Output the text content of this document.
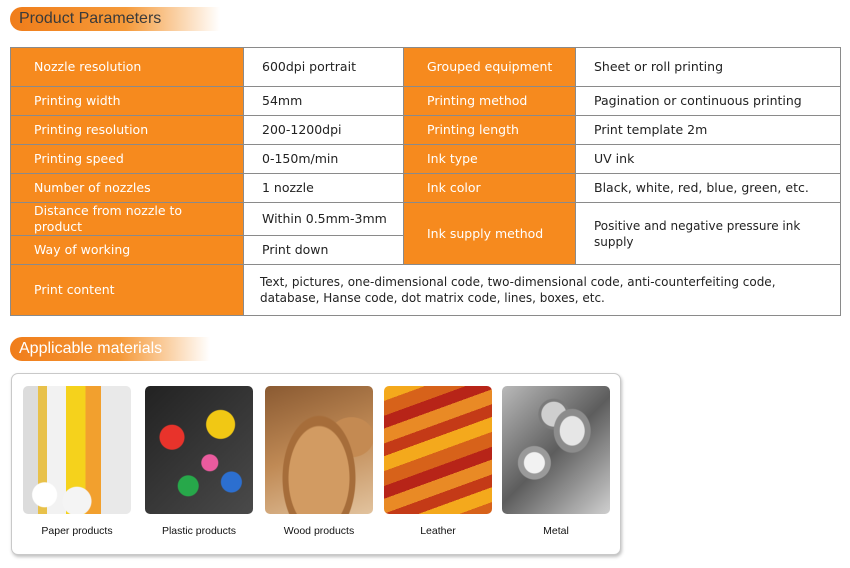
Product Parameters
Nozzle resolution	600dpi portrait	Grouped equipment	Sheet or roll printing
Printing width	54mm	Printing method	Pagination or continuous printing
Printing resolution	200-1200dpi	Printing length	Print template 2m
Printing speed	0-150m/min	Ink type	UV ink
Number of nozzles	1 nozzle	Ink color	Black, white, red, blue, green, etc.
Distance from nozzle to product	Within 0.5mm-3mm	Ink supply method	Positive and negative pressure ink supply
Way of working	Print down		
Print content	Text, pictures, one-dimensional code, two-dimensional code, anti-counterfeiting code, database, Hanse code, dot matrix code, lines, boxes, etc.		
Applicable materials
Paper products	Plastic products	Wood products	Leather	Metal
